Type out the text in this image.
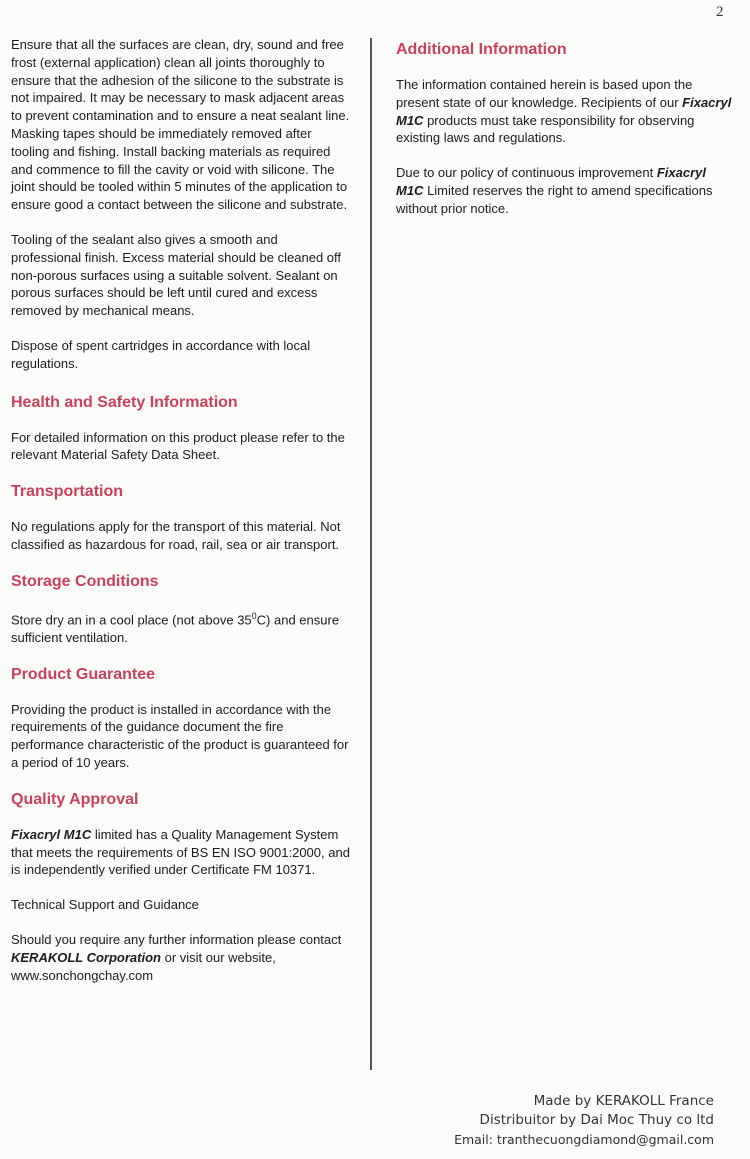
2

Ensure that all the surfaces are clean, dry, sound and free frost (external application) clean all joints thoroughly to ensure that the adhesion of the silicone to the substrate is not impaired. It may be necessary to mask adjacent areas to prevent contamination and to ensure a neat sealant line. Masking tapes should be immediately removed after tooling and fishing. Install backing materials as required and commence to fill the cavity or void with silicone. The joint should be tooled within 5 minutes of the application to ensure good a contact between the silicone and substrate.

Tooling of the sealant also gives a smooth and professional finish. Excess material should be cleaned off non-porous surfaces using a suitable solvent. Sealant on porous surfaces should be left until cured and excess removed by mechanical means.

Dispose of spent cartridges in accordance with local regulations.

Health and Safety Information

For detailed information on this product please refer to the relevant Material Safety Data Sheet.

Transportation

No regulations apply for the transport of this material. Not classified as hazardous for road, rail, sea or air transport.

Storage Conditions

Store dry an in a cool place (not above $35^0C$) and ensure sufficient ventilation.

Product Guarantee

Providing the product is installed in accordance with the requirements of the guidance document the fire performance characteristic of the product is guaranteed for a period of 10 years.

Quality Approval

Fixacryl M1C limited has a Quality Management System that meets the requirements of BS EN ISO 9001:2000, and is independently verified under Certificate FM 10371.

Technical Support and Guidance

Should you require any further information please contact KERAKOLL Corporation or visit our website, www.sonchongchay.com

Additional Information

The information contained herein is based upon the present state of our knowledge. Recipients of our Fixacryl M1C products must take responsibility for observing existing laws and regulations.

Due to our policy of continuous improvement Fixacryl M1C Limited reserves the right to amend specifications without prior notice.

Made by KERAKOLL France
Distribuitor by Dai Moc Thuy co ltd
Email: tranthecuongdiamond@gmail.com
